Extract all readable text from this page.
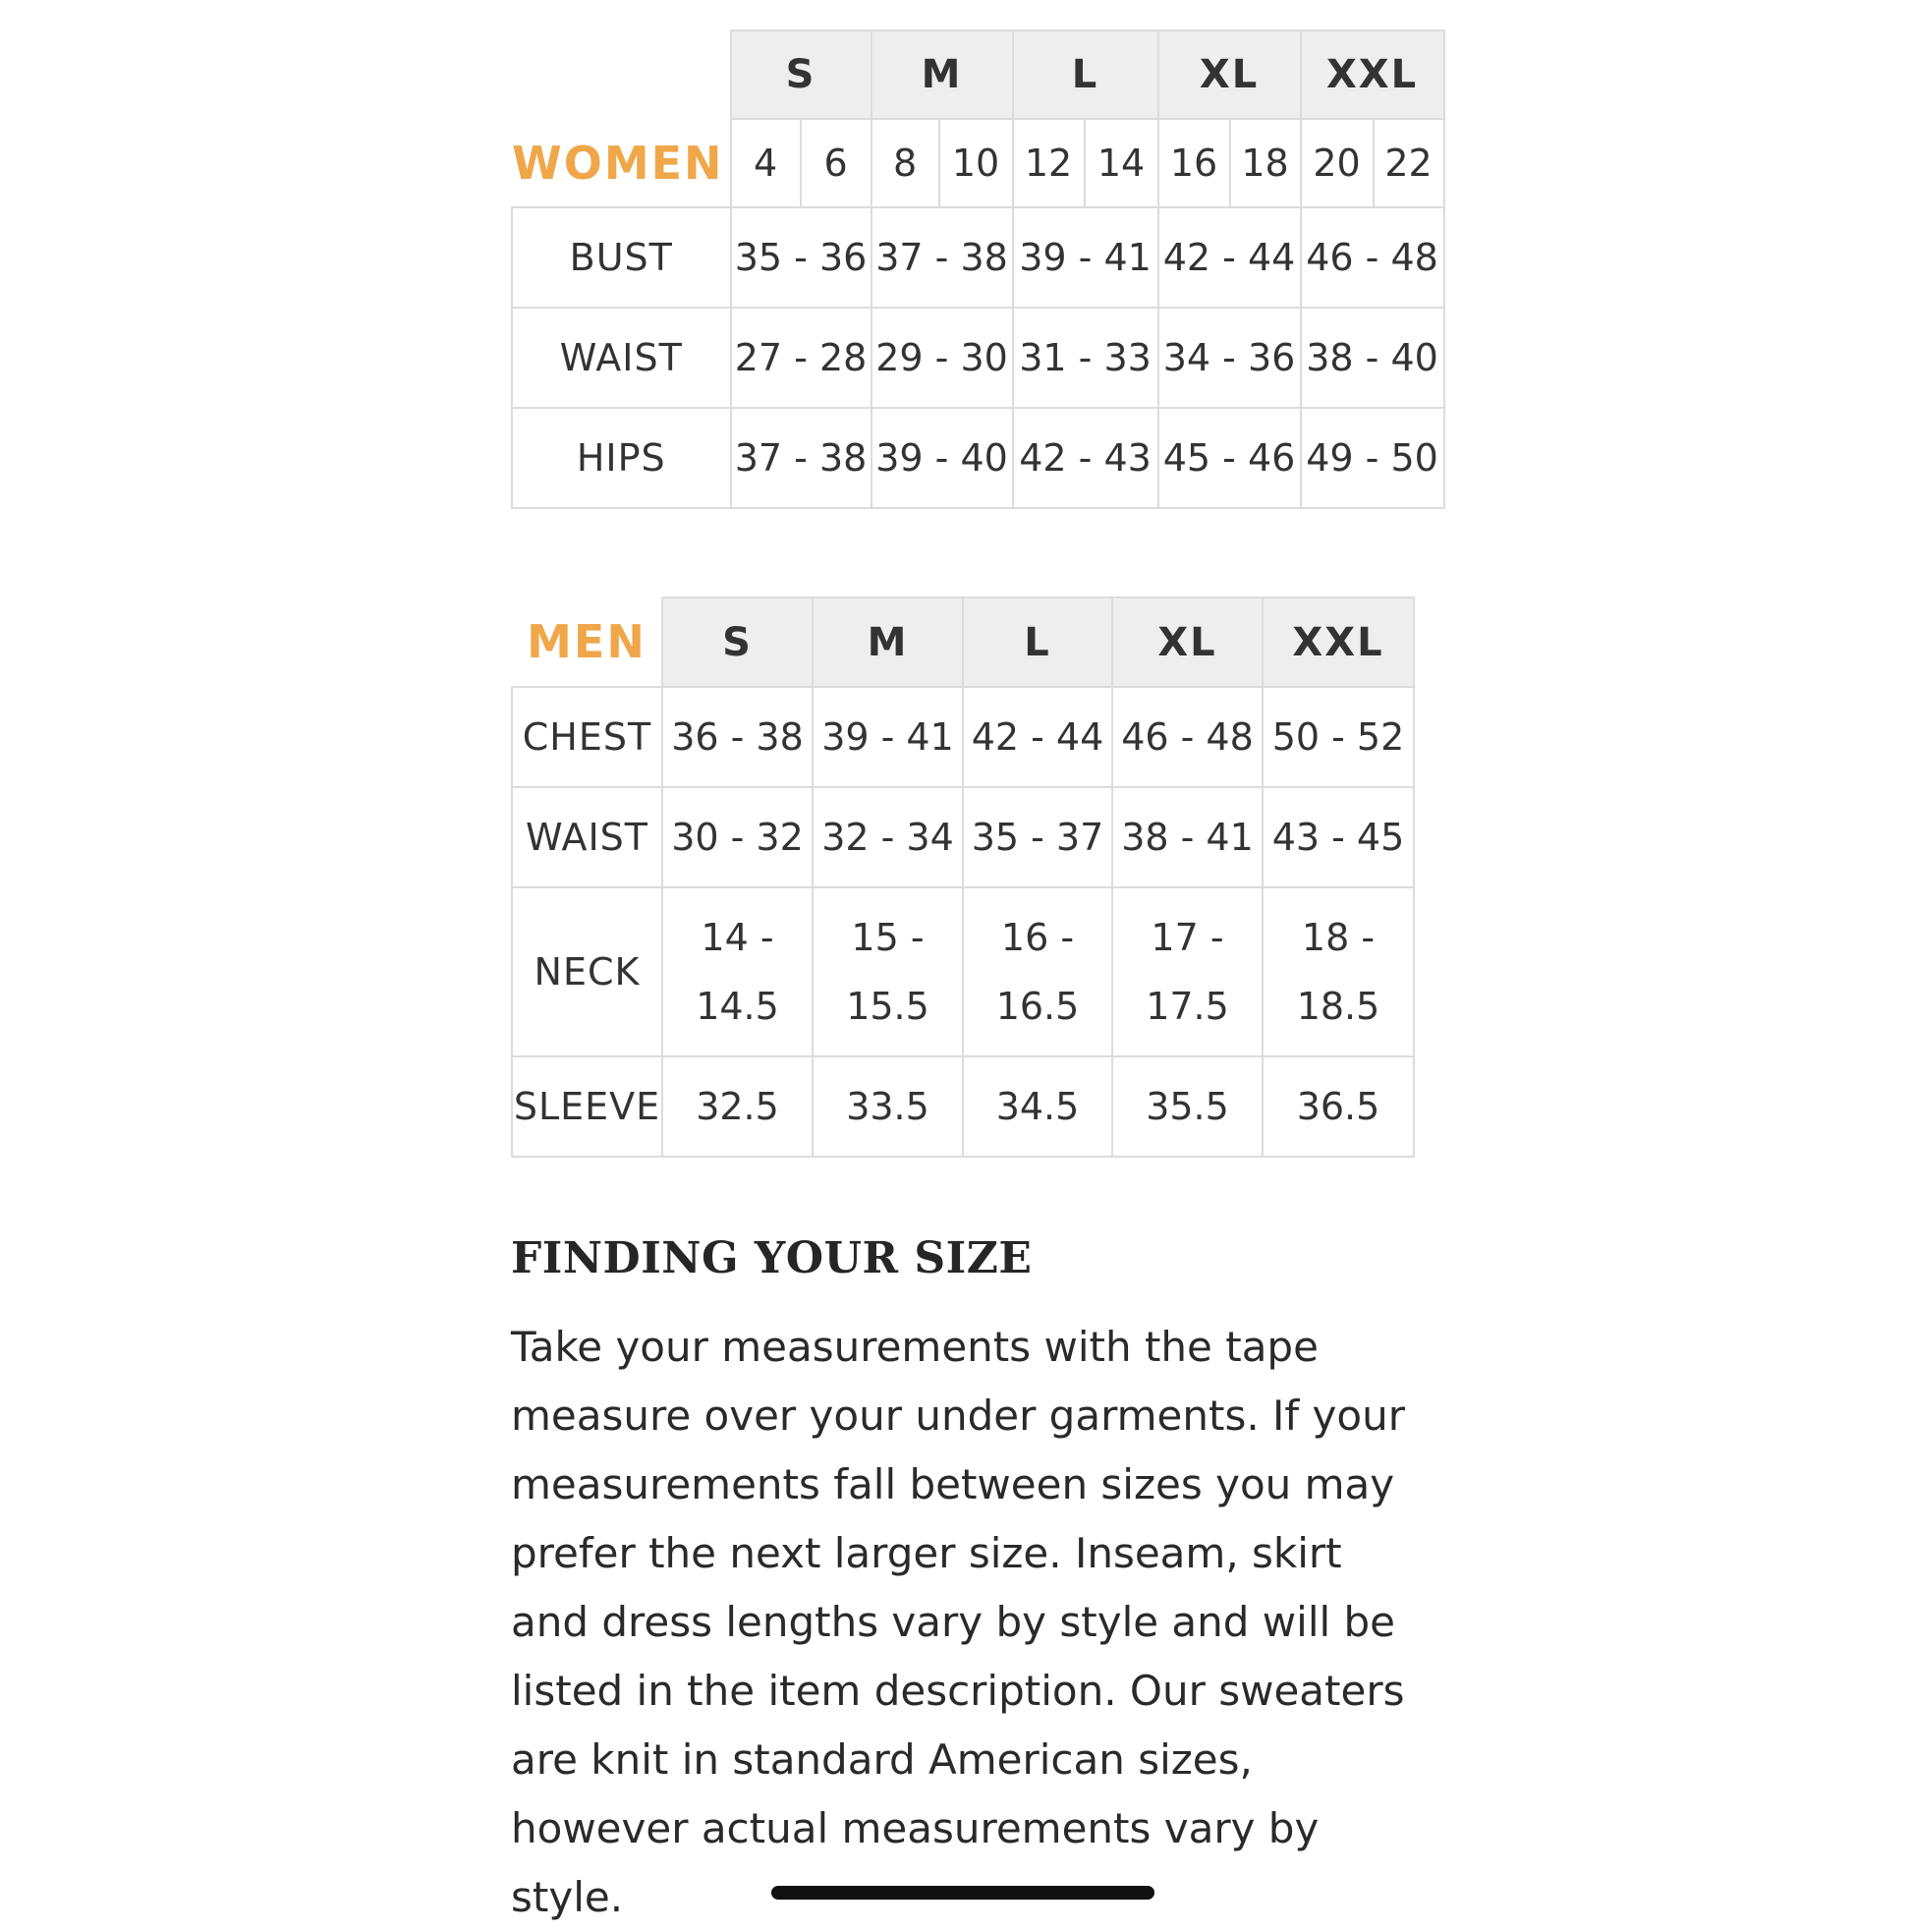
	S		M		L		XL		XXL	
WOMEN	4	6	8	10	12	14	16	18	20	22
BUST	35 - 36		37 - 38		39 - 41		42 - 44		46 - 48	
WAIST	27 - 28		29 - 30		31 - 33		34 - 36		38 - 40	
HIPS	37 - 38		39 - 40		42 - 43		45 - 46		49 - 50	
MEN	S	M	L	XL	XXL
CHEST	36 - 38	39 - 41	42 - 44	46 - 48	50 - 52
WAIST	30 - 32	32 - 34	35 - 37	38 - 41	43 - 45
NECK	14 - 14.5	15 - 15.5	16 - 16.5	17 - 17.5	18 - 18.5
SLEEVE	32.5	33.5	34.5	35.5	36.5
FINDING YOUR SIZE

Take your measurements with the tape measure over your under garments. If your measurements fall between sizes you may prefer the next larger size. Inseam, skirt and dress lengths vary by style and will be listed in the item description. Our sweaters are knit in standard American sizes, however actual measurements vary by style.
